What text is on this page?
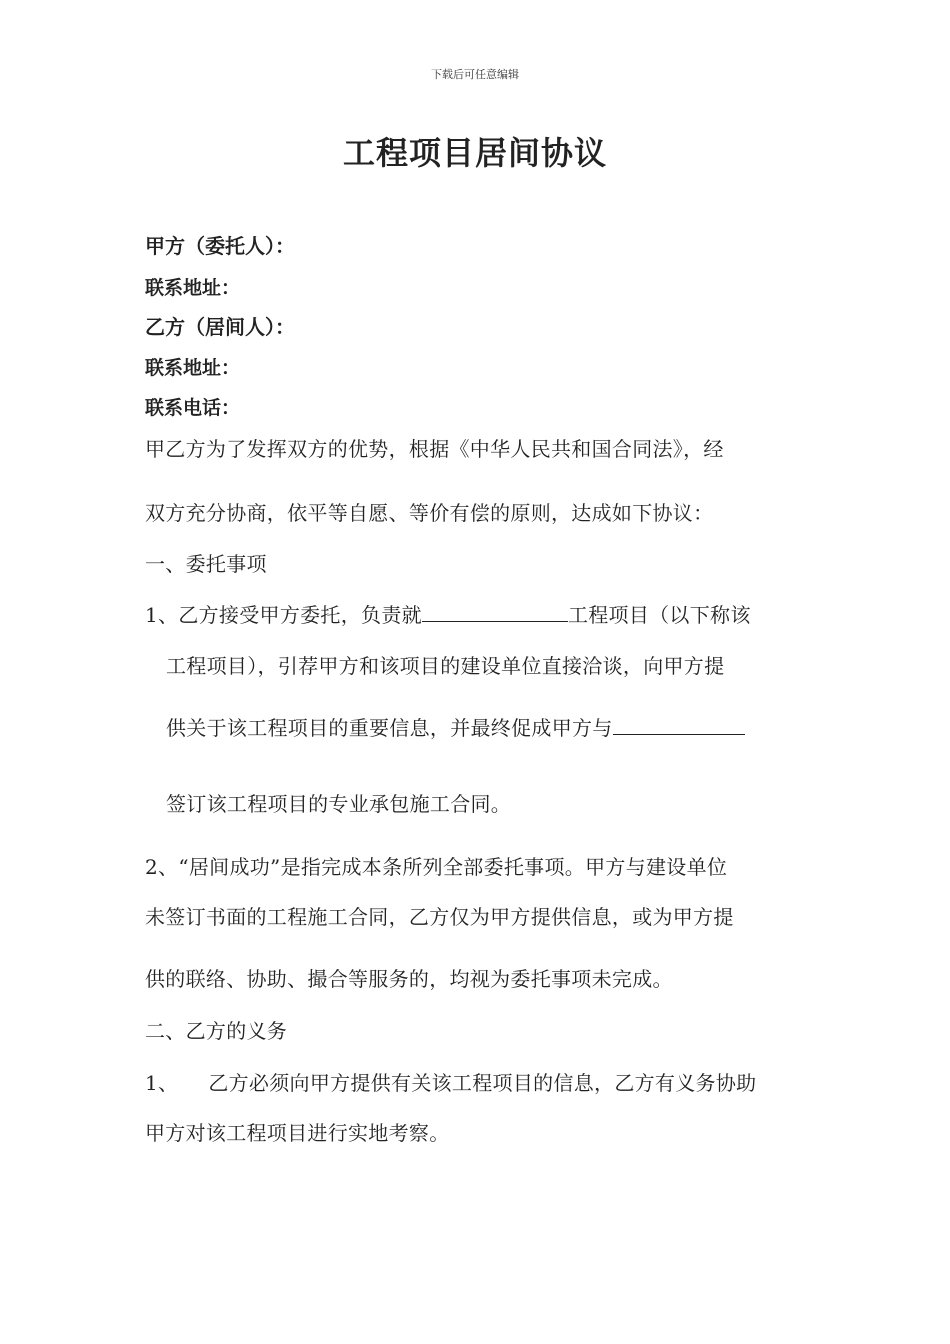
下载后可任意编辑
工程项目居间协议
甲方（委托人）：
联系地址：
乙方（居间人）：
联系地址：
联系电话：
甲乙方为了发挥双方的优势，根据《中华人民共和国合同法》，经
双方充分协商，依平等自愿、等价有偿的原则，达成如下协议：
一、委托事项
1、乙方接受甲方委托，负责就	工程项目（以下称该
工程项目），引荐甲方和该项目的建设单位直接洽谈，向甲方提
供关于该工程项目的重要信息，并最终促成甲方与
签订该工程项目的专业承包施工合同。
2、“居间成功”是指完成本条所列全部委托事项。甲方与建设单位
未签订书面的工程施工合同，乙方仅为甲方提供信息，或为甲方提
供的联络、协助、撮合等服务的，均视为委托事项未完成。
二、乙方的义务
1、 乙方必须向甲方提供有关该工程项目的信息，乙方有义务协助
甲方对该工程项目进行实地考察。
